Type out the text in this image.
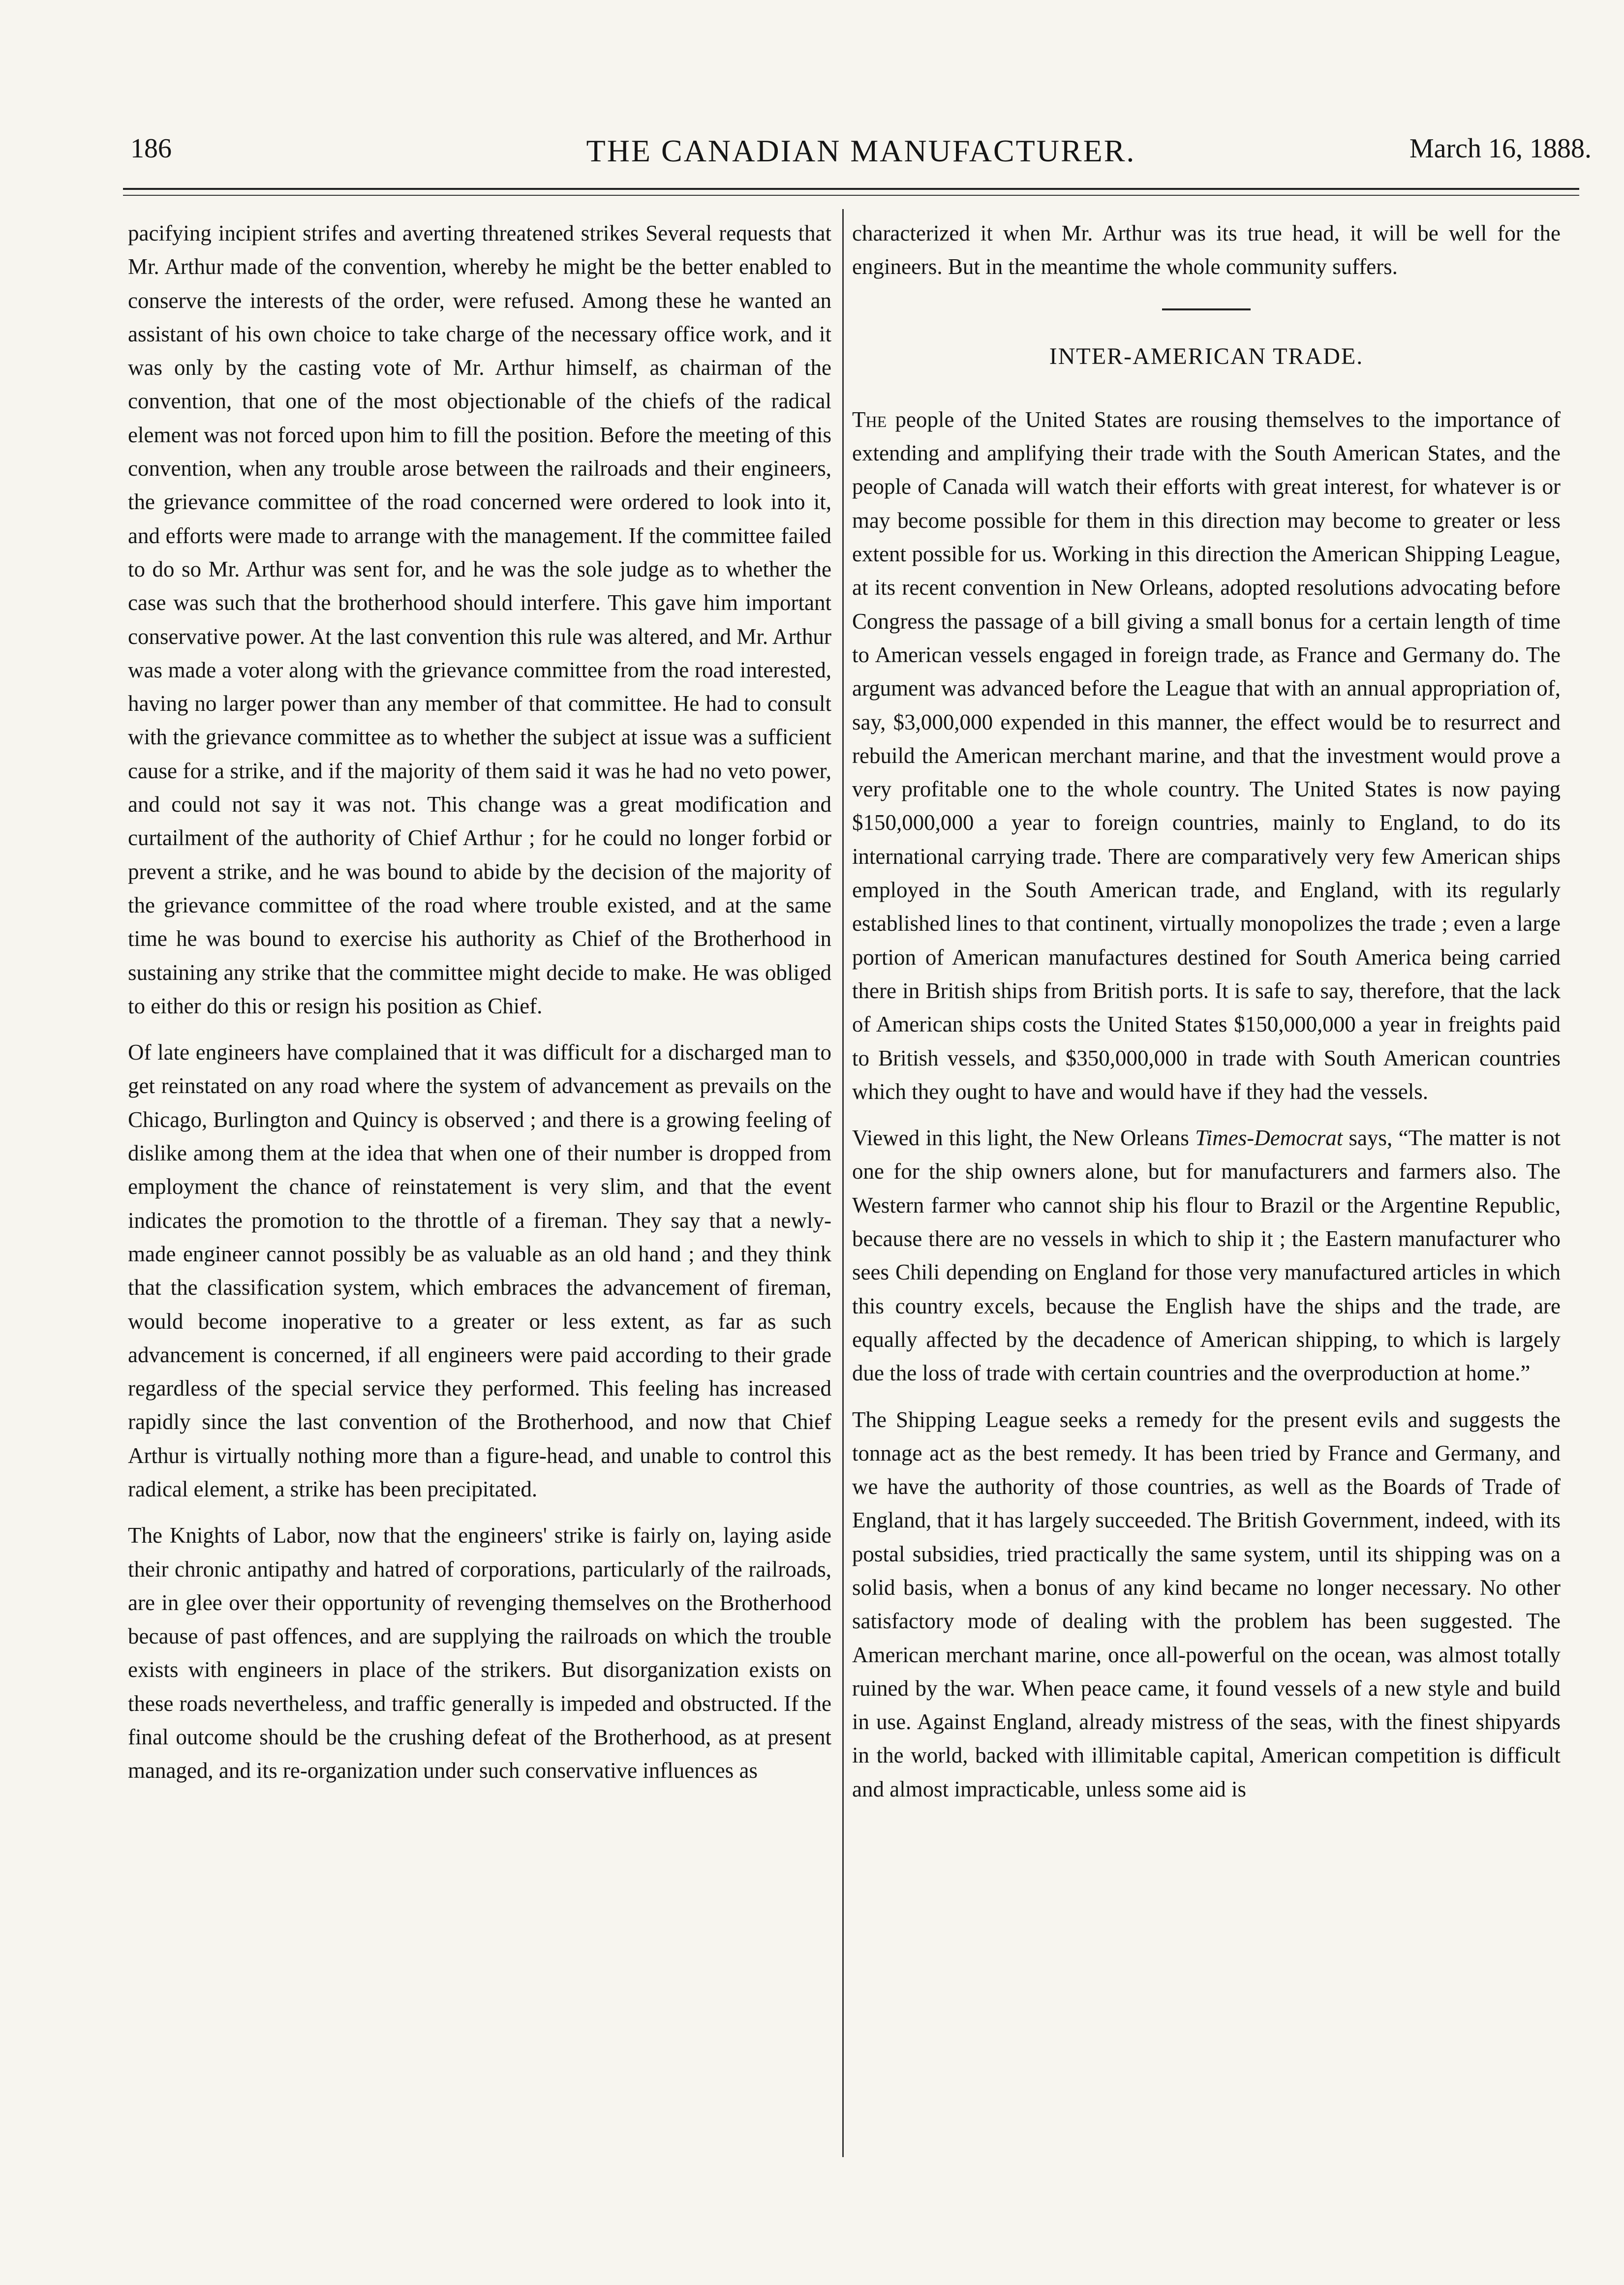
186	THE CANADIAN MANUFACTURER.	March 16, 1888.

pacifying incipient strifes and averting threatened strikes Several requests that Mr. Arthur made of the convention, whereby he might be the better enabled to conserve the interests of the order, were refused. Among these he wanted an assistant of his own choice to take charge of the necessary office work, and it was only by the casting vote of Mr. Arthur himself, as chairman of the convention, that one of the most objectionable of the chiefs of the radical element was not forced upon him to fill the position. Before the meeting of this convention, when any trouble arose between the railroads and their engineers, the grievance committee of the road concerned were ordered to look into it, and efforts were made to arrange with the management. If the committee failed to do so Mr. Arthur was sent for, and he was the sole judge as to whether the case was such that the brotherhood should interfere. This gave him important conservative power. At the last convention this rule was altered, and Mr. Arthur was made a voter along with the grievance committee from the road interested, having no larger power than any member of that committee. He had to consult with the grievance committee as to whether the subject at issue was a sufficient cause for a strike, and if the majority of them said it was he had no veto power, and could not say it was not. This change was a great modification and curtailment of the authority of Chief Arthur ; for he could no longer forbid or prevent a strike, and he was bound to abide by the decision of the majority of the grievance committee of the road where trouble existed, and at the same time he was bound to exercise his authority as Chief of the Brotherhood in sustaining any strike that the committee might decide to make. He was obliged to either do this or resign his position as Chief.

Of late engineers have complained that it was difficult for a discharged man to get reinstated on any road where the system of advancement as prevails on the Chicago, Burlington and Quincy is observed ; and there is a growing feeling of dislike among them at the idea that when one of their number is dropped from employment the chance of reinstatement is very slim, and that the event indicates the promotion to the throttle of a fireman. They say that a newly-made engineer cannot possibly be as valuable as an old hand ; and they think that the classification system, which embraces the advancement of fireman, would become inoperative to a greater or less extent, as far as such advancement is concerned, if all engineers were paid according to their grade regardless of the special service they performed. This feeling has increased rapidly since the last convention of the Brotherhood, and now that Chief Arthur is virtually nothing more than a figure-head, and unable to control this radical element, a strike has been precipitated.

The Knights of Labor, now that the engineers' strike is fairly on, laying aside their chronic antipathy and hatred of corporations, particularly of the railroads, are in glee over their opportunity of revenging themselves on the Brotherhood because of past offences, and are supplying the railroads on which the trouble exists with engineers in place of the strikers. But disorganization exists on these roads nevertheless, and traffic generally is impeded and obstructed. If the final outcome should be the crushing defeat of the Brotherhood, as at present managed, and its re-organization under such conservative influences as

characterized it when Mr. Arthur was its true head, it will be well for the engineers. But in the meantime the whole community suffers.

INTER-AMERICAN TRADE.

The people of the United States are rousing themselves to the importance of extending and amplifying their trade with the South American States, and the people of Canada will watch their efforts with great interest, for whatever is or may become possible for them in this direction may become to greater or less extent possible for us. Working in this direction the American Shipping League, at its recent convention in New Orleans, adopted resolutions advocating before Congress the passage of a bill giving a small bonus for a certain length of time to American vessels engaged in foreign trade, as France and Germany do. The argument was advanced before the League that with an annual appropriation of, say, $3,000,000 expended in this manner, the effect would be to resurrect and rebuild the American merchant marine, and that the investment would prove a very profitable one to the whole country. The United States is now paying $150,000,000 a year to foreign countries, mainly to England, to do its international carrying trade. There are comparatively very few American ships employed in the South American trade, and England, with its regularly established lines to that continent, virtually monopolizes the trade ; even a large portion of American manufactures destined for South America being carried there in British ships from British ports. It is safe to say, therefore, that the lack of American ships costs the United States $150,000,000 a year in freights paid to British vessels, and $350,000,000 in trade with South American countries which they ought to have and would have if they had the vessels.

Viewed in this light, the New Orleans Times-Democrat says, “The matter is not one for the ship owners alone, but for manufacturers and farmers also. The Western farmer who cannot ship his flour to Brazil or the Argentine Republic, because there are no vessels in which to ship it ; the Eastern manufacturer who sees Chili depending on England for those very manufactured articles in which this country excels, because the English have the ships and the trade, are equally affected by the decadence of American shipping, to which is largely due the loss of trade with certain countries and the overproduction at home.”

The Shipping League seeks a remedy for the present evils and suggests the tonnage act as the best remedy. It has been tried by France and Germany, and we have the authority of those countries, as well as the Boards of Trade of England, that it has largely succeeded. The British Government, indeed, with its postal subsidies, tried practically the same system, until its shipping was on a solid basis, when a bonus of any kind became no longer necessary. No other satisfactory mode of dealing with the problem has been suggested. The American merchant marine, once all-powerful on the ocean, was almost totally ruined by the war. When peace came, it found vessels of a new style and build in use. Against England, already mistress of the seas, with the finest shipyards in the world, backed with illimitable capital, American competition is difficult and almost impracticable, unless some aid is
